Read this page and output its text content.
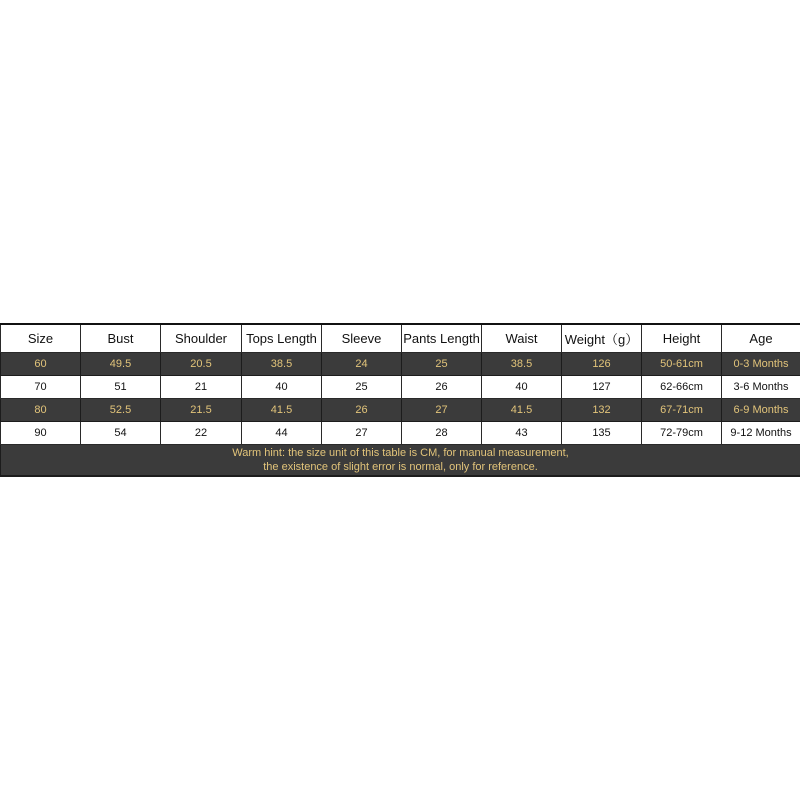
Size	Bust	Shoulder	Tops Length	Sleeve	Pants Length	Waist	Weight（g）	Height	Age
60	49.5	20.5	38.5	24	25	38.5	126	50-61cm	0-3 Months
70	51	21	40	25	26	40	127	62-66cm	3-6 Months
80	52.5	21.5	41.5	26	27	41.5	132	67-71cm	6-9 Months
90	54	22	44	27	28	43	135	72-79cm	9-12 Months

Warm hint: the size unit of this table is CM, for manual measurement,
the existence of slight error is normal, only for reference.									
